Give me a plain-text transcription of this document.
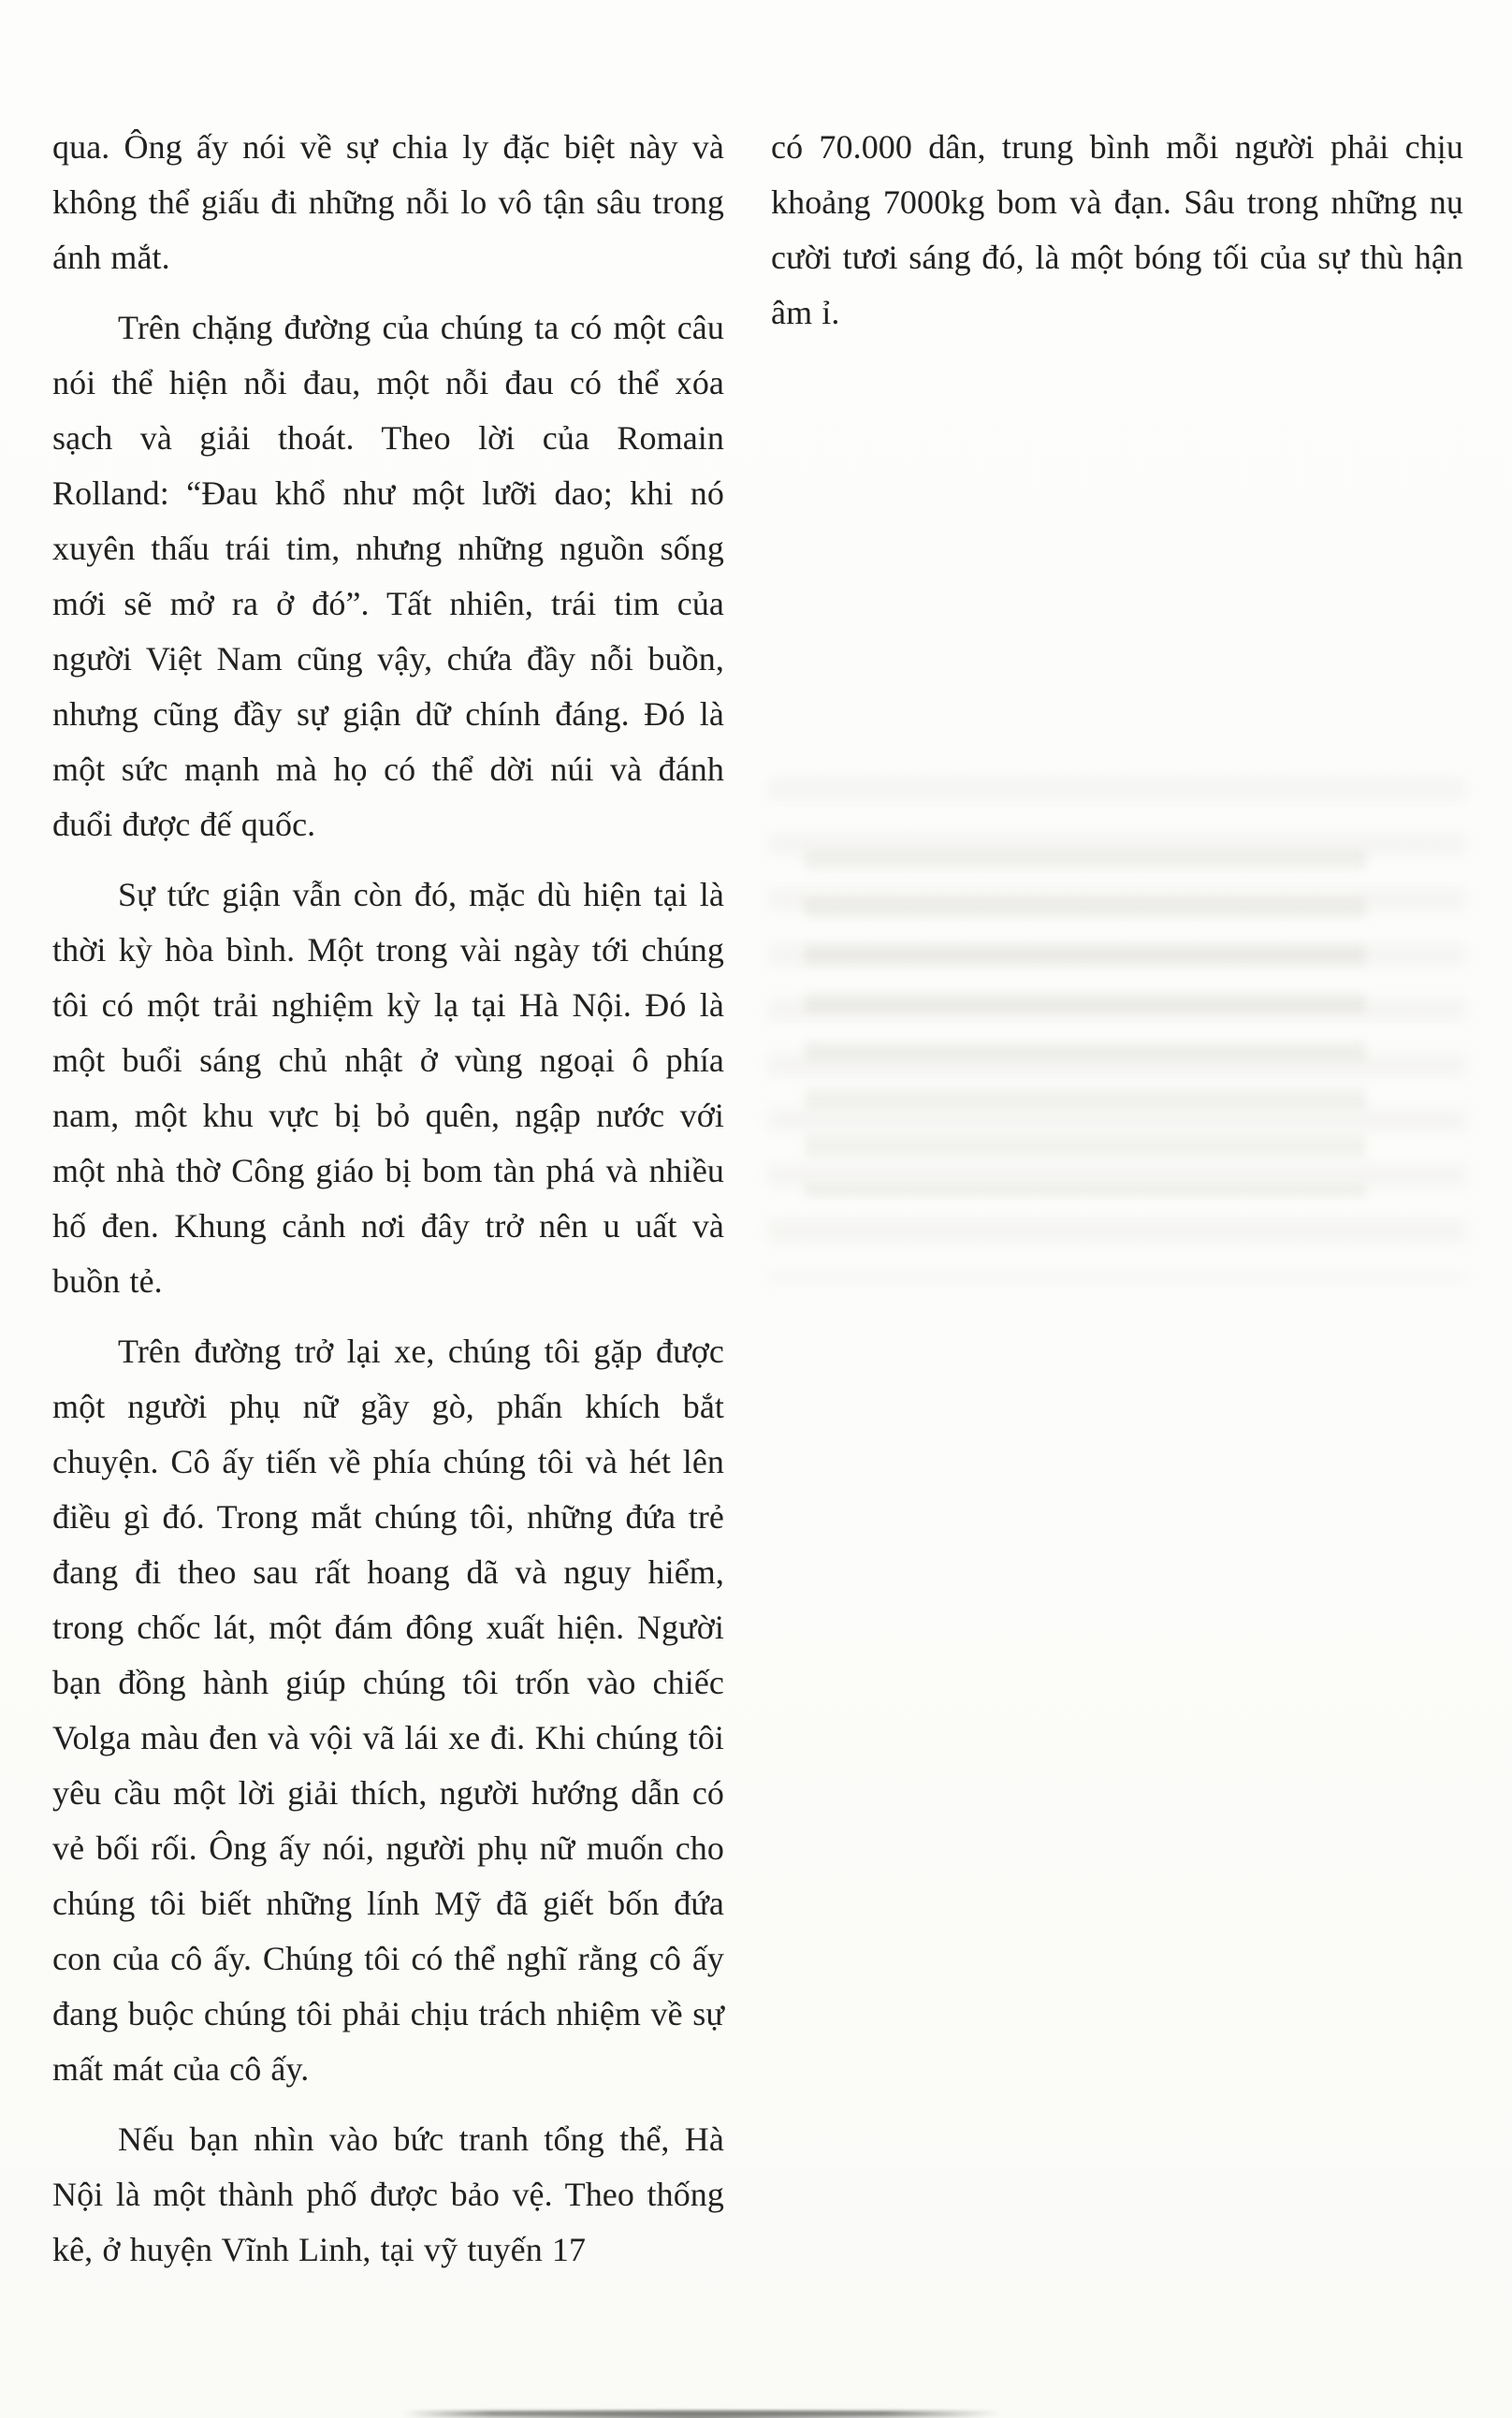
qua. Ông ấy nói về sự chia ly đặc biệt này và không thể giấu đi những nỗi lo vô tận sâu trong ánh mắt.

Trên chặng đường của chúng ta có một câu nói thể hiện nỗi đau, một nỗi đau có thể xóa sạch và giải thoát. Theo lời của Romain Rolland: “Đau khổ như một lưỡi dao; khi nó xuyên thấu trái tim, nhưng những nguồn sống mới sẽ mở ra ở đó”. Tất nhiên, trái tim của người Việt Nam cũng vậy, chứa đầy nỗi buồn, nhưng cũng đầy sự giận dữ chính đáng. Đó là một sức mạnh mà họ có thể dời núi và đánh đuổi được đế quốc.

Sự tức giận vẫn còn đó, mặc dù hiện tại là thời kỳ hòa bình. Một trong vài ngày tới chúng tôi có một trải nghiệm kỳ lạ tại Hà Nội. Đó là một buổi sáng chủ nhật ở vùng ngoại ô phía nam, một khu vực bị bỏ quên, ngập nước với một nhà thờ Công giáo bị bom tàn phá và nhiều hố đen. Khung cảnh nơi đây trở nên u uất và buồn tẻ.

Trên đường trở lại xe, chúng tôi gặp được một người phụ nữ gầy gò, phấn khích bắt chuyện. Cô ấy tiến về phía chúng tôi và hét lên điều gì đó. Trong mắt chúng tôi, những đứa trẻ đang đi theo sau rất hoang dã và nguy hiểm, trong chốc lát, một đám đông xuất hiện. Người bạn đồng hành giúp chúng tôi trốn vào chiếc Volga màu đen và vội vã lái xe đi. Khi chúng tôi yêu cầu một lời giải thích, người hướng dẫn có vẻ bối rối. Ông ấy nói, người phụ nữ muốn cho chúng tôi biết những lính Mỹ đã giết bốn đứa con của cô ấy. Chúng tôi có thể nghĩ rằng cô ấy đang buộc chúng tôi phải chịu trách nhiệm về sự mất mát của cô ấy.

Nếu bạn nhìn vào bức tranh tổng thể, Hà Nội là một thành phố được bảo vệ. Theo thống kê, ở huyện Vĩnh Linh, tại vỹ tuyến 17

có 70.000 dân, trung bình mỗi người phải chịu khoảng 7000kg bom và đạn. Sâu trong những nụ cười tươi sáng đó, là một bóng tối của sự thù hận âm ỉ.
